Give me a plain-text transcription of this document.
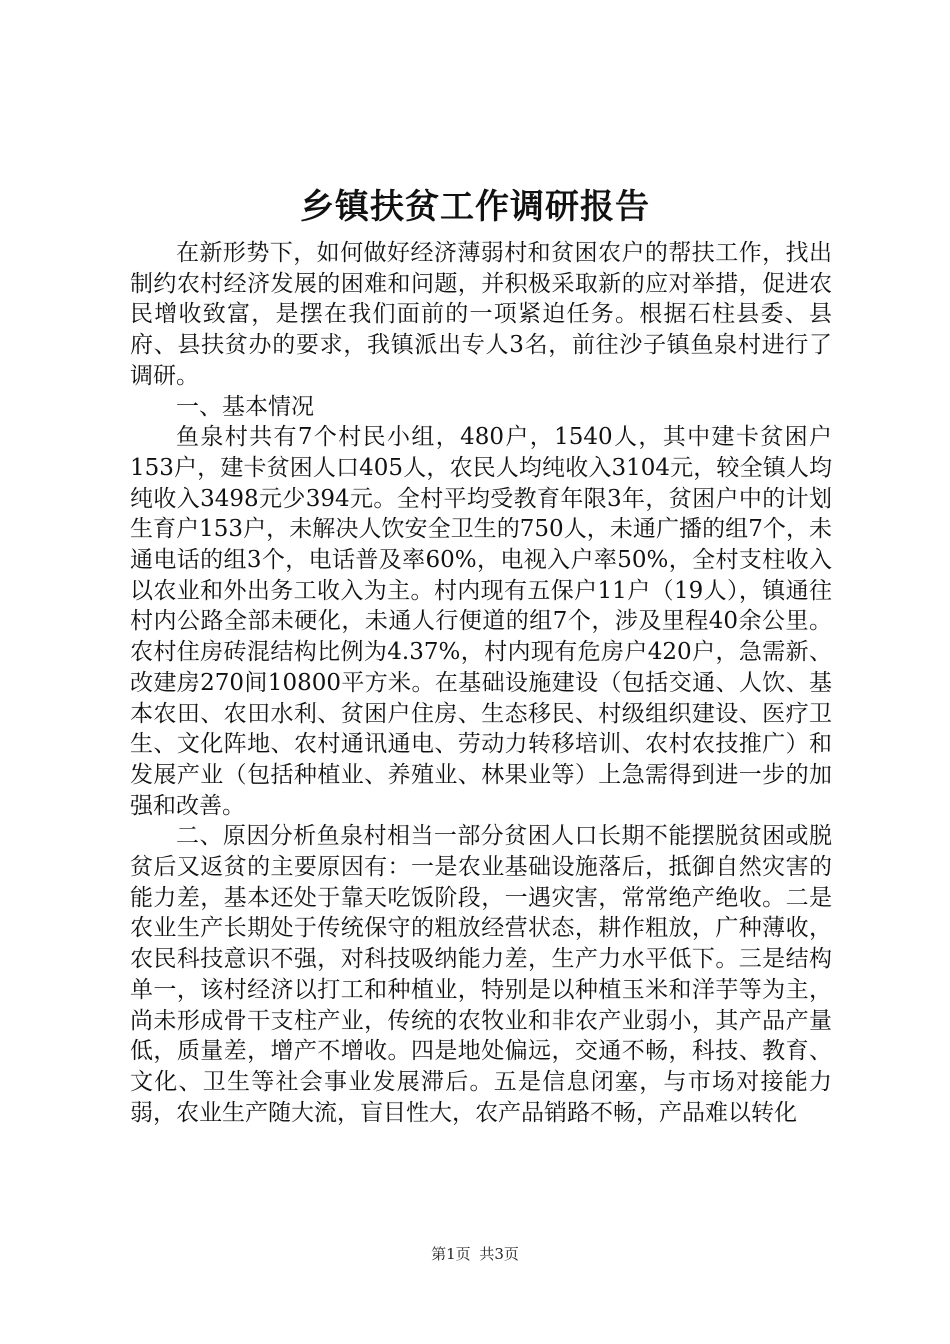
乡镇扶贫工作调研报告

在新形势下，如何做好经济薄弱村和贫困农户的帮扶工作，找出制约农村经济发展的困难和问题，并积极采取新的应对举措，促进农民增收致富，是摆在我们面前的一项紧迫任务。根据石柱县委、县府、县扶贫办的要求，我镇派出专人3名，前往沙子镇鱼泉村进行了调研。

一、基本情况

鱼泉村共有7个村民小组，480户，1540人，其中建卡贫困户153户，建卡贫困人口405人，农民人均纯收入3104元，较全镇人均纯收入3498元少394元。全村平均受教育年限3年，贫困户中的计划生育户153户，未解决人饮安全卫生的750人，未通广播的组7个，未通电话的组3个，电话普及率60%，电视入户率50%，全村支柱收入以农业和外出务工收入为主。村内现有五保户11户（19人），镇通往村内公路全部未硬化，未通人行便道的组7个，涉及里程40余公里。农村住房砖混结构比例为4.37%，村内现有危房户420户，急需新、改建房270间10800平方米。在基础设施建设（包括交通、人饮、基本农田、农田水利、贫困户住房、生态移民、村级组织建设、医疗卫生、文化阵地、农村通讯通电、劳动力转移培训、农村农技推广）和发展产业（包括种植业、养殖业、林果业等）上急需得到进一步的加强和改善。

二、原因分析鱼泉村相当一部分贫困人口长期不能摆脱贫困或脱贫后又返贫的主要原因有：一是农业基础设施落后，抵御自然灾害的能力差，基本还处于靠天吃饭阶段，一遇灾害，常常绝产绝收。二是农业生产长期处于传统保守的粗放经营状态，耕作粗放，广种薄收，农民科技意识不强，对科技吸纳能力差，生产力水平低下。三是结构单一，该村经济以打工和种植业，特别是以种植玉米和洋芋等为主，尚未形成骨干支柱产业，传统的农牧业和非农产业弱小，其产品产量低，质量差，增产不增收。四是地处偏远，交通不畅，科技、教育、文化、卫生等社会事业发展滞后。五是信息闭塞，与市场对接能力弱，农业生产随大流，盲目性大，农产品销路不畅，产品难以转化

第1页 共3页
